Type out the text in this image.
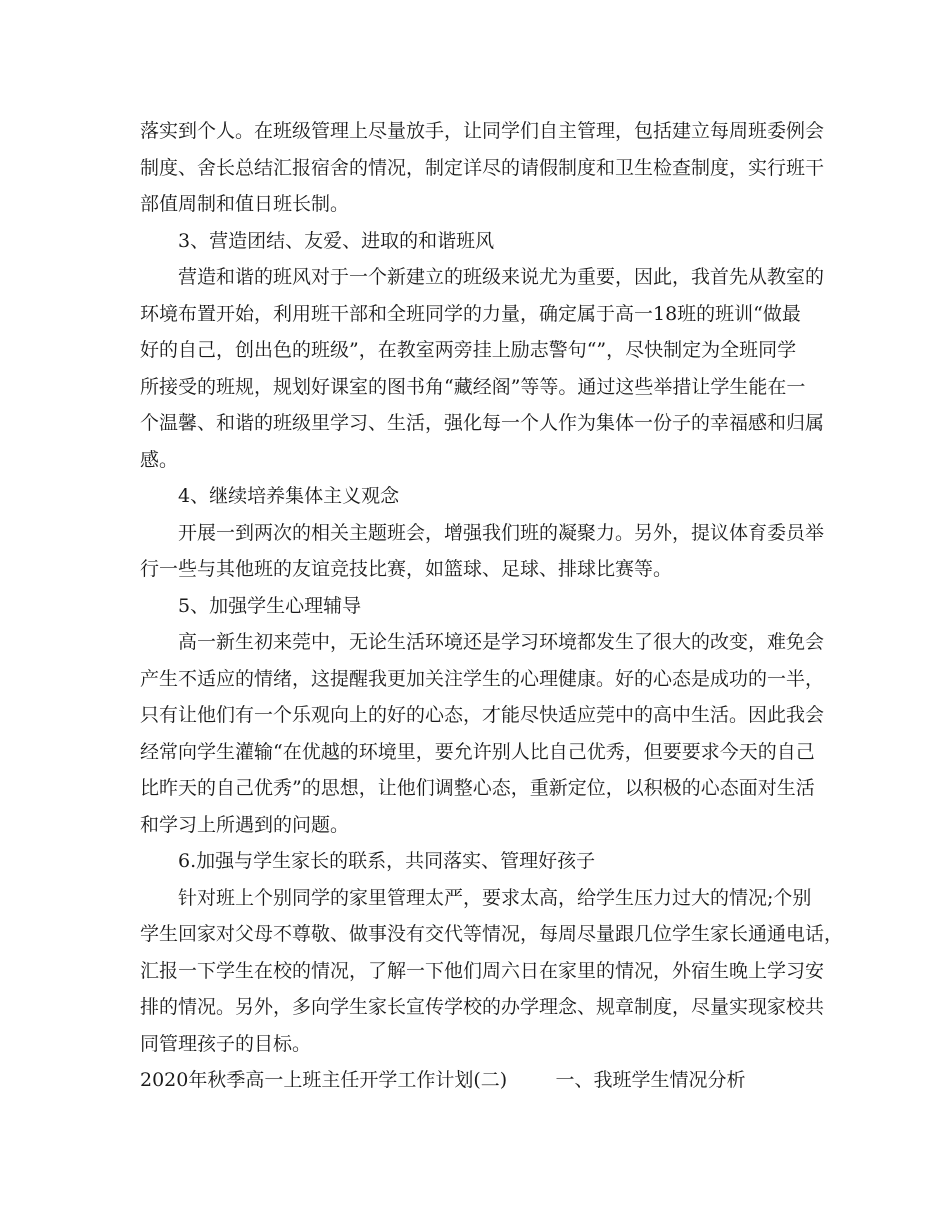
落实到个人。在班级管理上尽量放手，让同学们自主管理，包括建立每周班委例会
制度、舍长总结汇报宿舍的情况，制定详尽的请假制度和卫生检查制度，实行班干
部值周制和值日班长制。
3、营造团结、友爱、进取的和谐班风
营造和谐的班风对于一个新建立的班级来说尤为重要，因此，我首先从教室的
环境布置开始，利用班干部和全班同学的力量，确定属于高一18班的班训“做最
好的自己，创出色的班级”，在教室两旁挂上励志警句“”，尽快制定为全班同学
所接受的班规，规划好课室的图书角“藏经阁”等等。通过这些举措让学生能在一
个温馨、和谐的班级里学习、生活，强化每一个人作为集体一份子的幸福感和归属
感。
4、继续培养集体主义观念
开展一到两次的相关主题班会，增强我们班的凝聚力。另外，提议体育委员举
行一些与其他班的友谊竞技比赛，如篮球、足球、排球比赛等。
5、加强学生心理辅导
高一新生初来莞中，无论生活环境还是学习环境都发生了很大的改变，难免会
产生不适应的情绪，这提醒我更加关注学生的心理健康。好的心态是成功的一半，
只有让他们有一个乐观向上的好的心态，才能尽快适应莞中的高中生活。因此我会
经常向学生灌输“在优越的环境里，要允许别人比自己优秀，但要要求今天的自己
比昨天的自己优秀”的思想，让他们调整心态，重新定位，以积极的心态面对生活
和学习上所遇到的问题。
6.加强与学生家长的联系，共同落实、管理好孩子
针对班上个别同学的家里管理太严，要求太高，给学生压力过大的情况;个别
学生回家对父母不尊敬、做事没有交代等情况，每周尽量跟几位学生家长通通电话，
汇报一下学生在校的情况，了解一下他们周六日在家里的情况，外宿生晚上学习安
排的情况。另外，多向学生家长宣传学校的办学理念、规章制度，尽量实现家校共
同管理孩子的目标。
2020年秋季高一上班主任开学工作计划(二)        一、我班学生情况分析
